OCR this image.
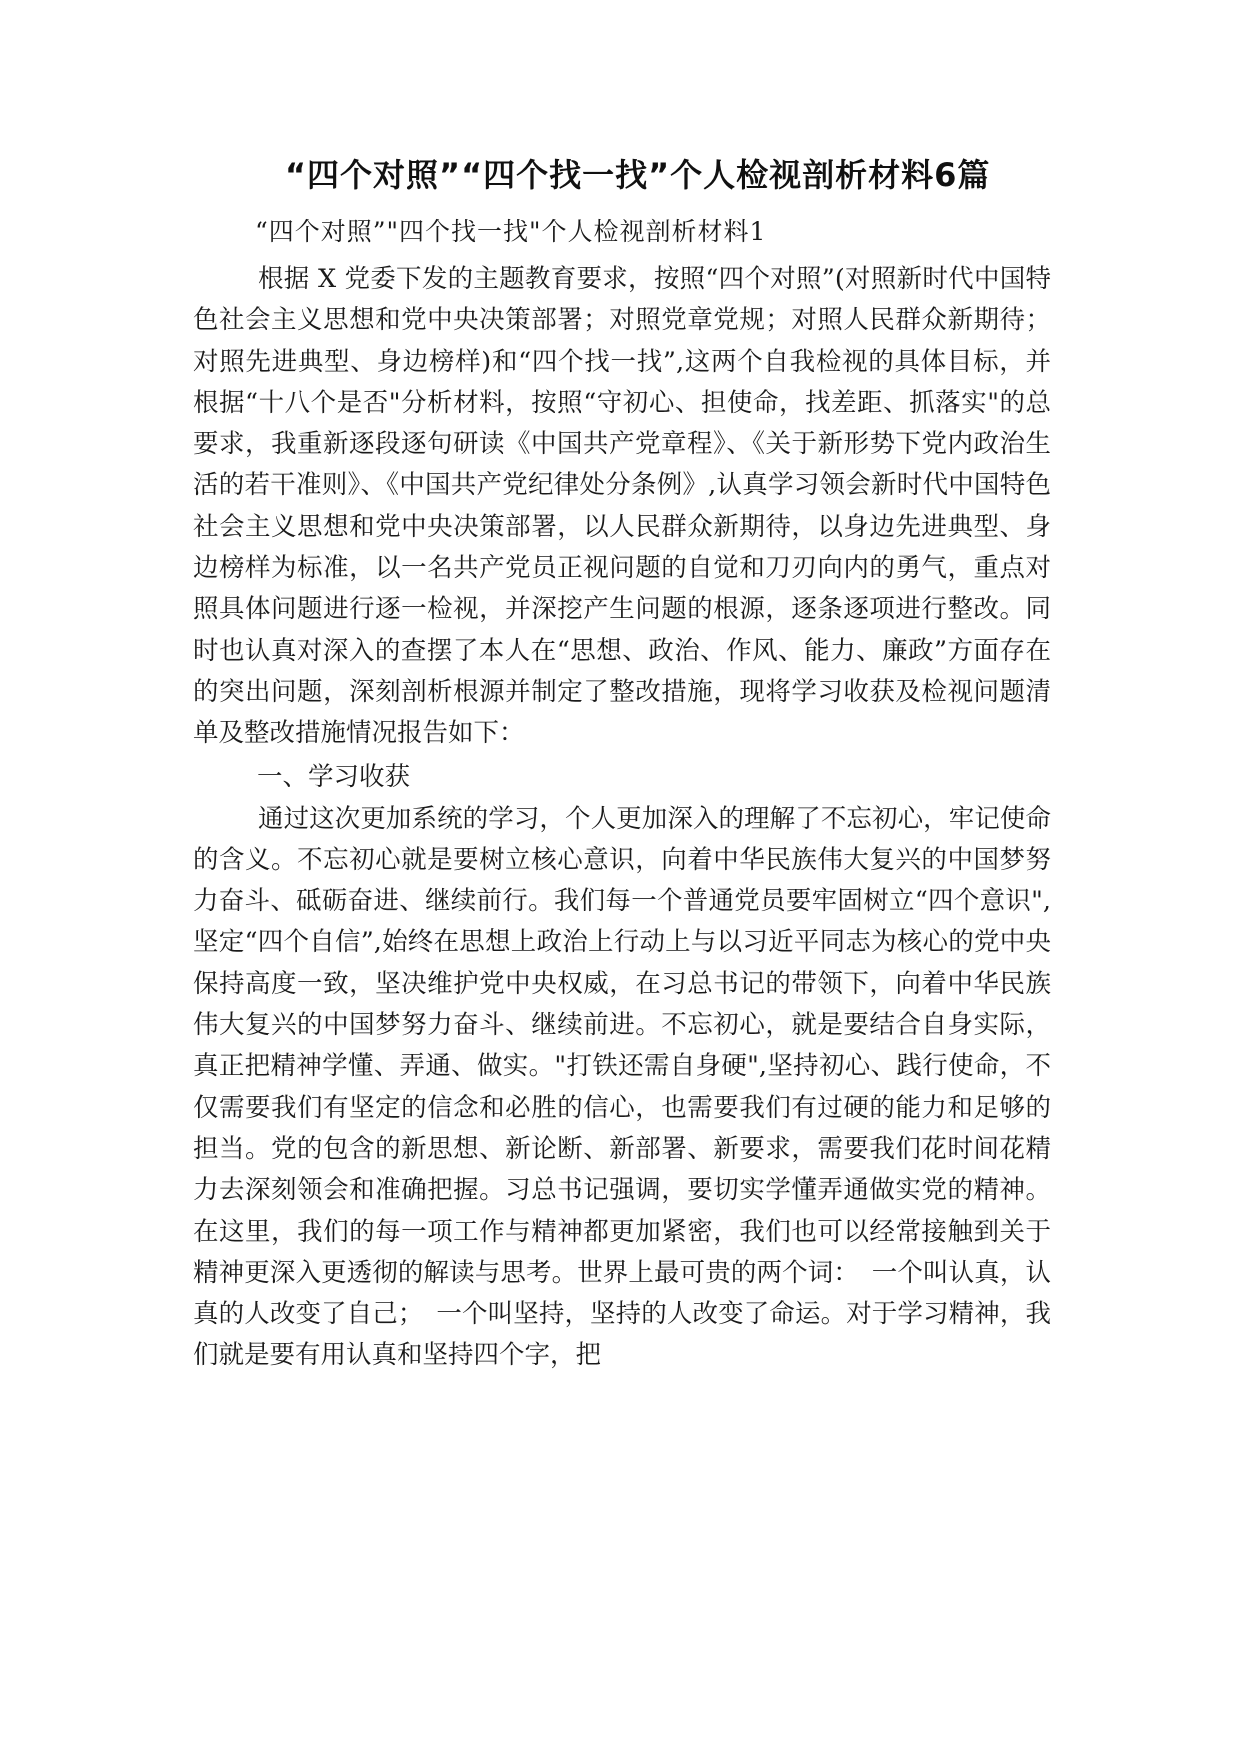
“四个对照”“四个找一找”个人检视剖析材料6篇

“四个对照”"四个找一找"个人检视剖析材料1

根据 X 党委下发的主题教育要求，按照“四个对照”(对照新时代中国特色社会主义思想和党中央决策部署；对照党章党规；对照人民群众新期待；对照先进典型、身边榜样)和“四个找一找”,这两个自我检视的具体目标，并根据“十八个是否"分析材料，按照“守初心、担使命，找差距、抓落实"的总要求，我重新逐段逐句研读《中国共产党章程》、《关于新形势下党内政治生活的若干准则》、《中国共产党纪律处分条例》,认真学习领会新时代中国特色社会主义思想和党中央决策部署，以人民群众新期待，以身边先进典型、身边榜样为标准，以一名共产党员正视问题的自觉和刀刃向内的勇气，重点对照具体问题进行逐一检视，并深挖产生问题的根源，逐条逐项进行整改。同时也认真对深入的查摆了本人在“思想、政治、作风、能力、廉政”方面存在的突出问题，深刻剖析根源并制定了整改措施，现将学习收获及检视问题清单及整改措施情况报告如下：

一、学习收获

通过这次更加系统的学习，个人更加深入的理解了不忘初心，牢记使命的含义。不忘初心就是要树立核心意识，向着中华民族伟大复兴的中国梦努力奋斗、砥砺奋进、继续前行。我们每一个普通党员要牢固树立“四个意识",坚定“四个自信”,始终在思想上政治上行动上与以习近平同志为核心的党中央保持高度一致，坚决维护党中央权威，在习总书记的带领下，向着中华民族伟大复兴的中国梦努力奋斗、继续前进。不忘初心，就是要结合自身实际，真正把精神学懂、弄通、做实。"打铁还需自身硬",坚持初心、践行使命，不仅需要我们有坚定的信念和必胜的信心，也需要我们有过硬的能力和足够的担当。党的包含的新思想、新论断、新部署、新要求，需要我们花时间花精力去深刻领会和准确把握。习总书记强调，要切实学懂弄通做实党的精神。在这里，我们的每一项工作与精神都更加紧密，我们也可以经常接触到关于精神更深入更透彻的解读与思考。世界上最可贵的两个词：　一个叫认真，认真的人改变了自己；　一个叫坚持，坚持的人改变了命运。对于学习精神，我们就是要有用认真和坚持四个字，把
